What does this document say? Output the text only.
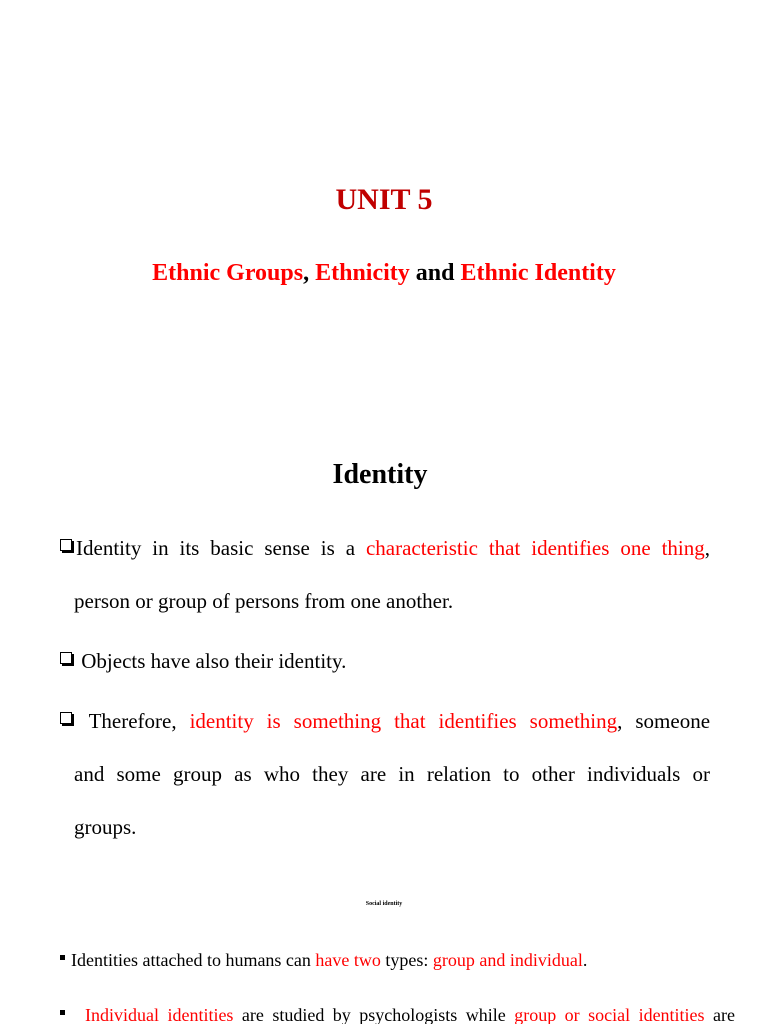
UNIT 5
Ethnic Groups, Ethnicity and Ethnic Identity
Identity
Identity in its basic sense is a characteristic that identifies one thing,
person or group of persons from one another.
Objects have also their identity.
Therefore, identity is something that identifies something, someone
and some group as who they are in relation to other individuals or
groups.
Social identity
Identities attached to humans can have two types: group and individual.
Individual identities are studied by psychologists while group or social identities are
